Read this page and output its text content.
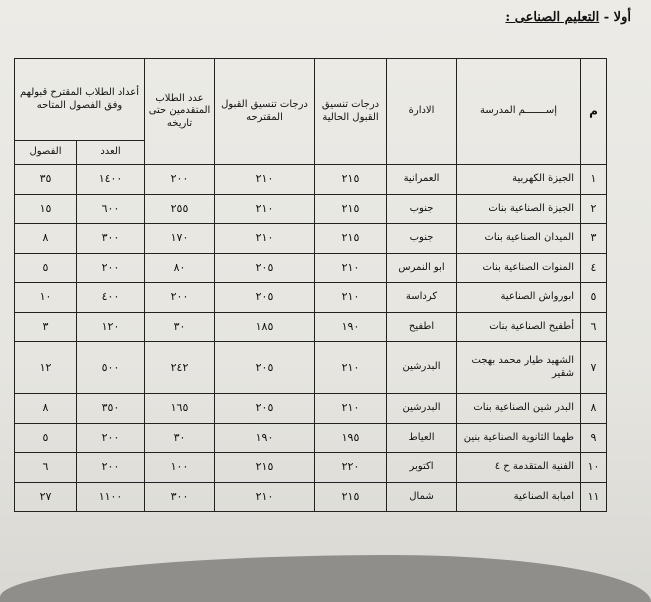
أولا - التعليم الصناعى :
م	إســـــــم المدرسة	الادارة	درجات تنسيق القبول الحالية	درجات تنسيق القبول المقترحه	عدد الطلاب المتقدمين حتى تاريخه	أعداد الطلاب المقترح قبولهم وفق الفصول المتاحه	
						العدد	الفصول
١	الجيزة الكهربية	العمرانية	٢١٥	٢١٠	٢٠٠	١٤٠٠	٣٥
٢	الجيزة الصناعية بنات	جنوب	٢١٥	٢١٠	٢٥٥	٦٠٠	١٥
٣	الميدان الصناعية بنات	جنوب	٢١٥	٢١٠	١٧٠	٣٠٠	٨
٤	المنوات الصناعية بنات	ابو النمرس	٢١٠	٢٠٥	٨٠	٢٠٠	٥
٥	ابورواش الصناعية	كرداسة	٢١٠	٢٠٥	٢٠٠	٤٠٠	١٠
٦	أطفيح الصناعية بنات	اطفيح	١٩٠	١٨٥	٣٠	١٢٠	٣
٧	الشهيد طيار محمد بهجت شقير	البدرشين	٢١٠	٢٠٥	٢٤٢	٥٠٠	١٢
٨	البدر شين الصناعية بنات	البدرشين	٢١٠	٢٠٥	١٦٥	٣٥٠	٨
٩	طهما الثانوية الصناعية بنين	العياط	١٩٥	١٩٠	٣٠	٢٠٠	٥
١٠	الفنية المتقدمة ح ٤	اكتوبر	٢٢٠	٢١٥	١٠٠	٢٠٠	٦
١١	امبابة الصناعية	شمال	٢١٥	٢١٠	٣٠٠	١١٠٠	٢٧
